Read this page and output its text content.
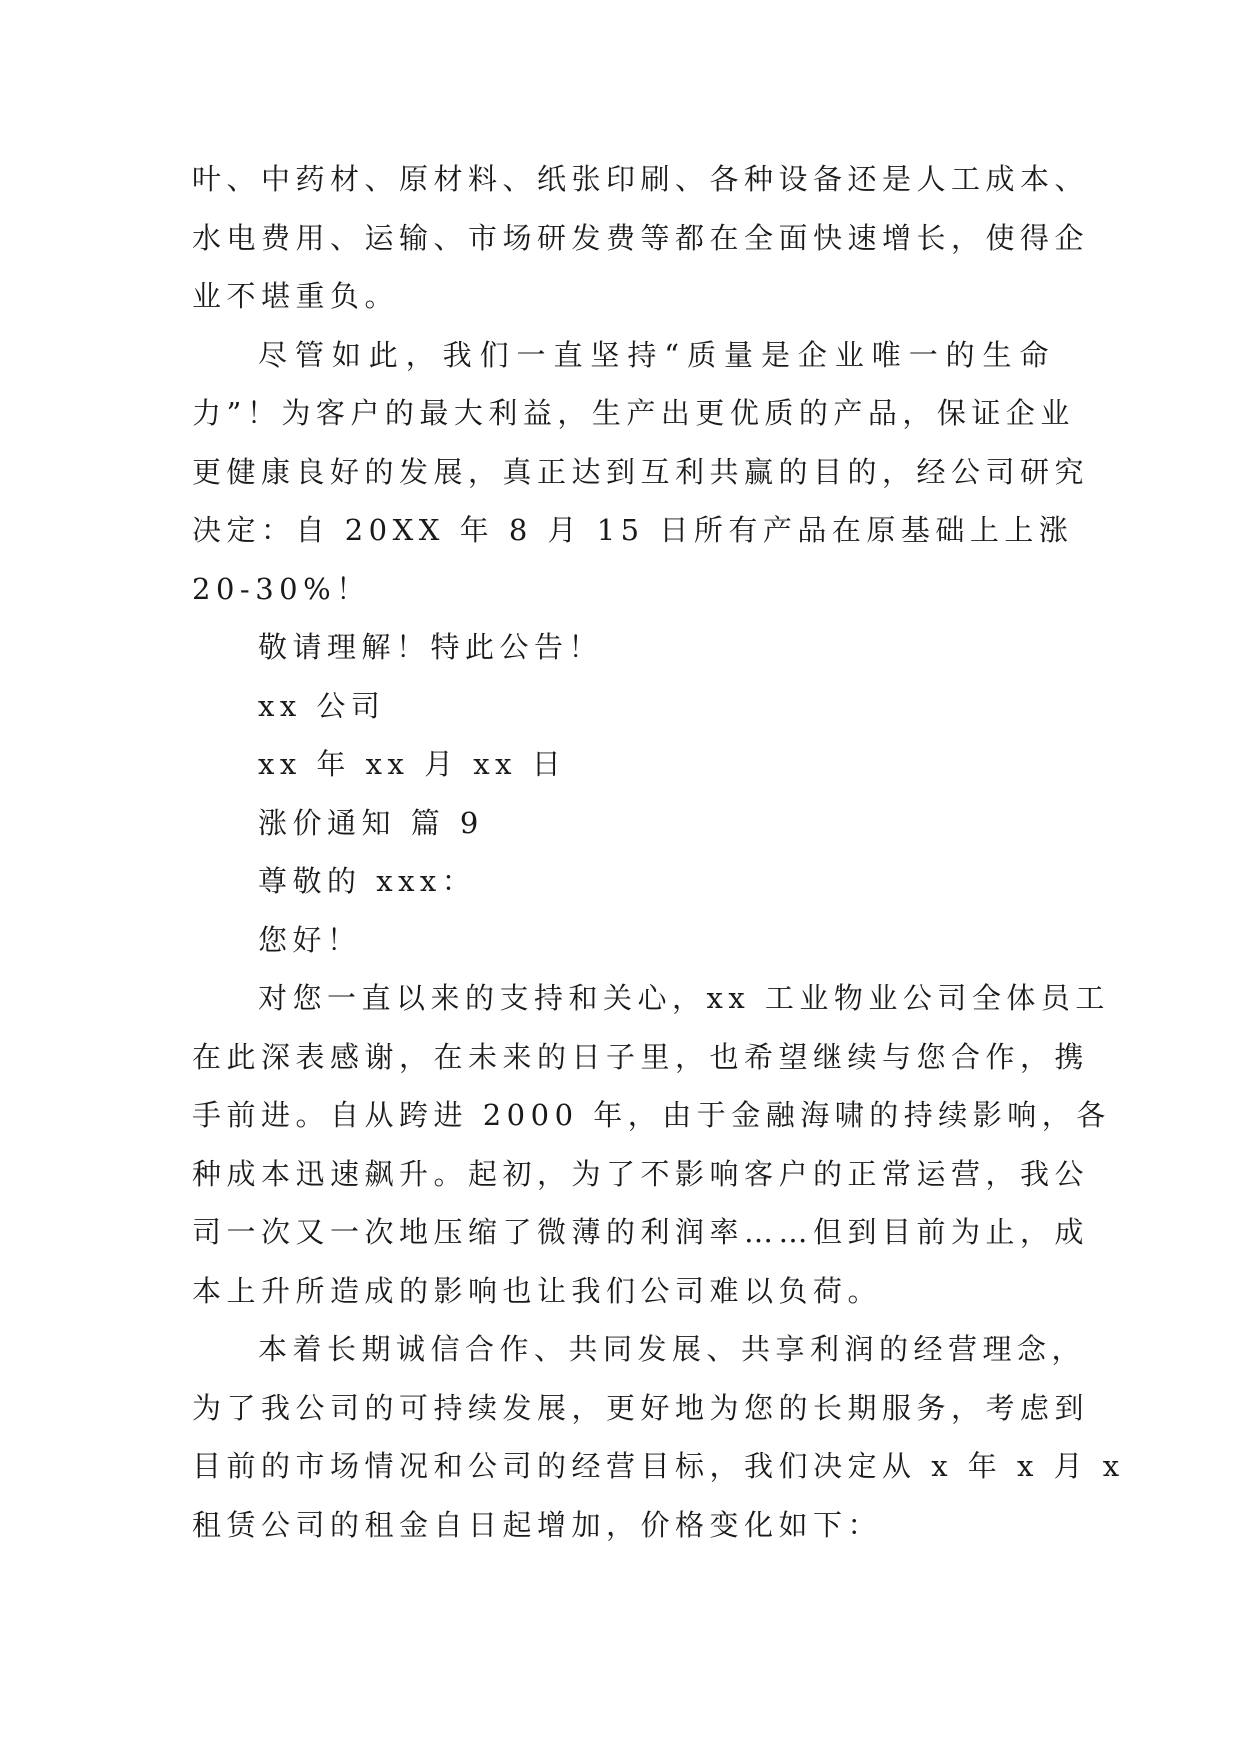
叶、中药材、原材料、纸张印刷、各种设备还是人工成本、
水电费用、运输、市场研发费等都在全面快速增长，使得企
业不堪重负。
尽管如此，我们一直坚持“质量是企业唯一的生命
力”！为客户的最大利益，生产出更优质的产品，保证企业
更健康良好的发展，真正达到互利共赢的目的，经公司研究
决定：自 20XX 年 8 月 15 日所有产品在原基础上上涨
20-30%！
敬请理解！特此公告！
xx 公司
xx 年 xx 月 xx 日
涨价通知 篇 9
尊敬的 xxx：
您好！
对您一直以来的支持和关心，xx 工业物业公司全体员工
在此深表感谢，在未来的日子里，也希望继续与您合作，携
手前进。自从跨进 2000 年，由于金融海啸的持续影响，各
种成本迅速飙升。起初，为了不影响客户的正常运营，我公
司一次又一次地压缩了微薄的利润率……但到目前为止，成
本上升所造成的影响也让我们公司难以负荷。
本着长期诚信合作、共同发展、共享利润的经营理念，
为了我公司的可持续发展，更好地为您的长期服务，考虑到
目前的市场情况和公司的经营目标，我们决定从 x 年 x 月 x
租赁公司的租金自日起增加，价格变化如下：
